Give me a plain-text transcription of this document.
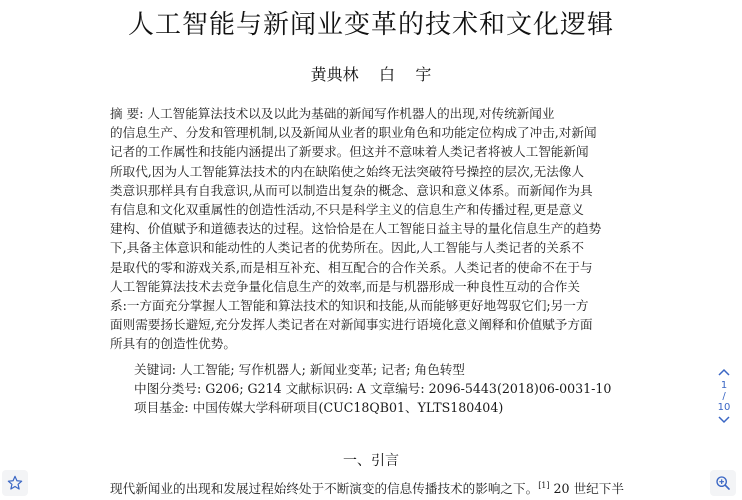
人工智能与新闻业变革的技术和文化逻辑
黄典林    白    宇
摘 要: 人工智能算法技术以及以此为基础的新闻写作机器人的出现,对传统新闻业
的信息生产、分发和管理机制,以及新闻从业者的职业角色和功能定位构成了冲击,对新闻
记者的工作属性和技能内涵提出了新要求。但这并不意味着人类记者将被人工智能新闻
所取代,因为人工智能算法技术的内在缺陷使之始终无法突破符号操控的层次,无法像人
类意识那样具有自我意识,从而可以制造出复杂的概念、意识和意义体系。而新闻作为具
有信息和文化双重属性的创造性活动,不只是科学主义的信息生产和传播过程,更是意义
建构、价值赋予和道德表达的过程。这恰恰是在人工智能日益主导的量化信息生产的趋势
下,具备主体意识和能动性的人类记者的优势所在。因此,人工智能与人类记者的关系不
是取代的零和游戏关系,而是相互补充、相互配合的合作关系。人类记者的使命不在于与
人工智能算法技术去竞争量化信息生产的效率,而是与机器形成一种良性互动的合作关
系:一方面充分掌握人工智能和算法技术的知识和技能,从而能够更好地驾驭它们;另一方
面则需要扬长避短,充分发挥人类记者在对新闻事实进行语境化意义阐释和价值赋予方面
所具有的创造性优势。
关键词: 人工智能; 写作机器人; 新闻业变革; 记者; 角色转型
中图分类号: G206; G214 文献标识码: A 文章编号: 2096-5443(2018)06-0031-10
项目基金: 中国传媒大学科研项目(CUC18QB01、YLTS180404)
一、引言
现代新闻业的出现和发展过程始终处于不断演变的信息传播技术的影响之下。[1] 20 世纪下半
1
/
10
